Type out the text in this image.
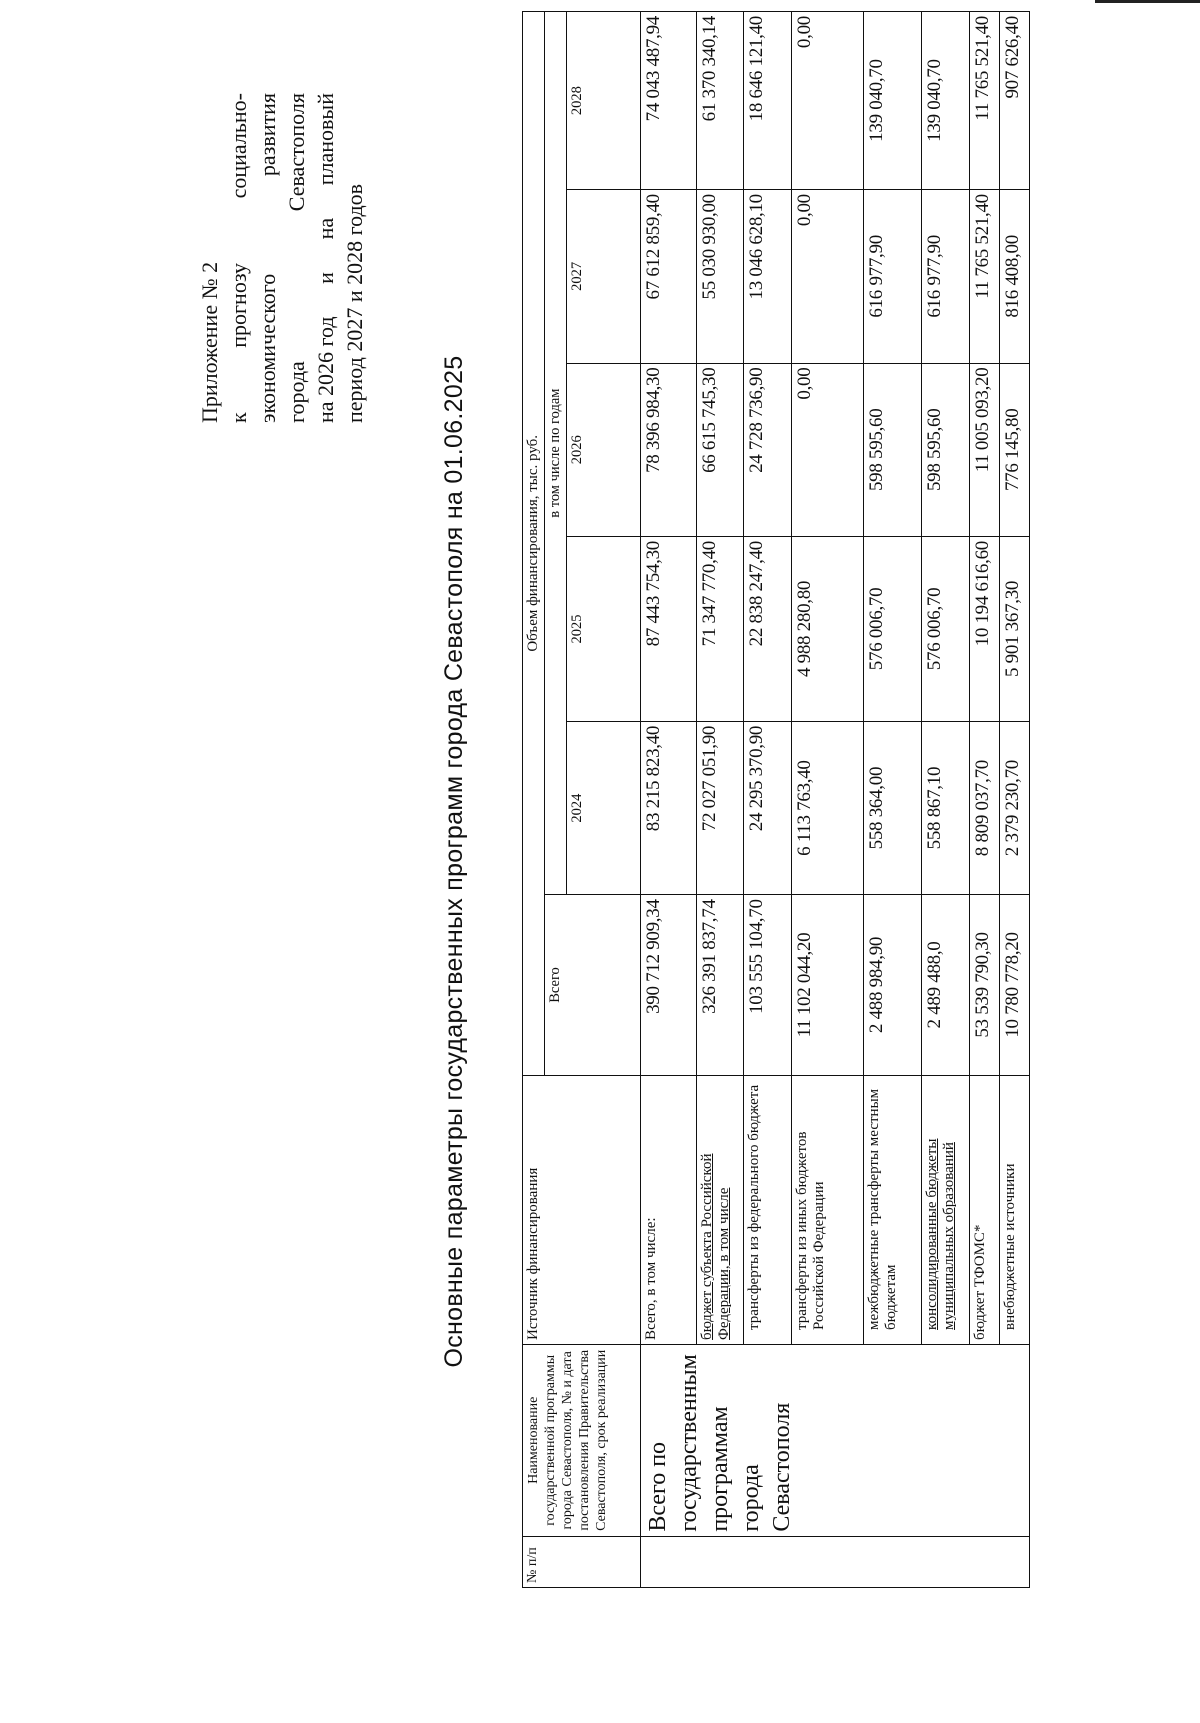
Приложение № 2 к
прогнозу
социально-
экономического
развития
города
Севастополя
на 2026 год
и
на
плановый
период 2027 и 2028 годов
Основные параметры государственных программ города Севастополя на 01.06.2025
№ п/п	Наименование государственной программы города Севастополя, № и дата постановления Правительства Севастополя, срок реализации	Источник финансирования	Объем финансирования, тыс. руб.					
			Всего	в том числе по годам				
				2024	2025	2026	2027	2028
	Всего по государственным программам города Севастополя	Всего, в том числе:	390 712 909,34	83 215 823,40	87 443 754,30	78 396 984,30	67 612 859,40	74 043 487,94
		бюджет субъекта Российской Федерации, в том числе	326 391 837,74	72 027 051,90	71 347 770,40	66 615 745,30	55 030 930,00	61 370 340,14
		трансферты из федерального бюджета	103 555 104,70	24 295 370,90	22 838 247,40	24 728 736,90	13 046 628,10	18 646 121,40
		трансферты из иных бюджетов Российской Федерации	11 102 044,20	6 113 763,40	4 988 280,80	0,00	0,00	0,00
		межбюджетные трансферты местным бюджетам	2 488 984,90	558 364,00	576 006,70	598 595,60	616 977,90	139 040,70
		консолидированные бюджеты муниципальных образований	2 489 488,0	558 867,10	576 006,70	598 595,60	616 977,90	139 040,70
		бюджет ТФОМС*	53 539 790,30	8 809 037,70	10 194 616,60	11 005 093,20	11 765 521,40	11 765 521,40
		внебюджетные источники	10 780 778,20	2 379 230,70	5 901 367,30	776 145,80	816 408,00	907 626,40
